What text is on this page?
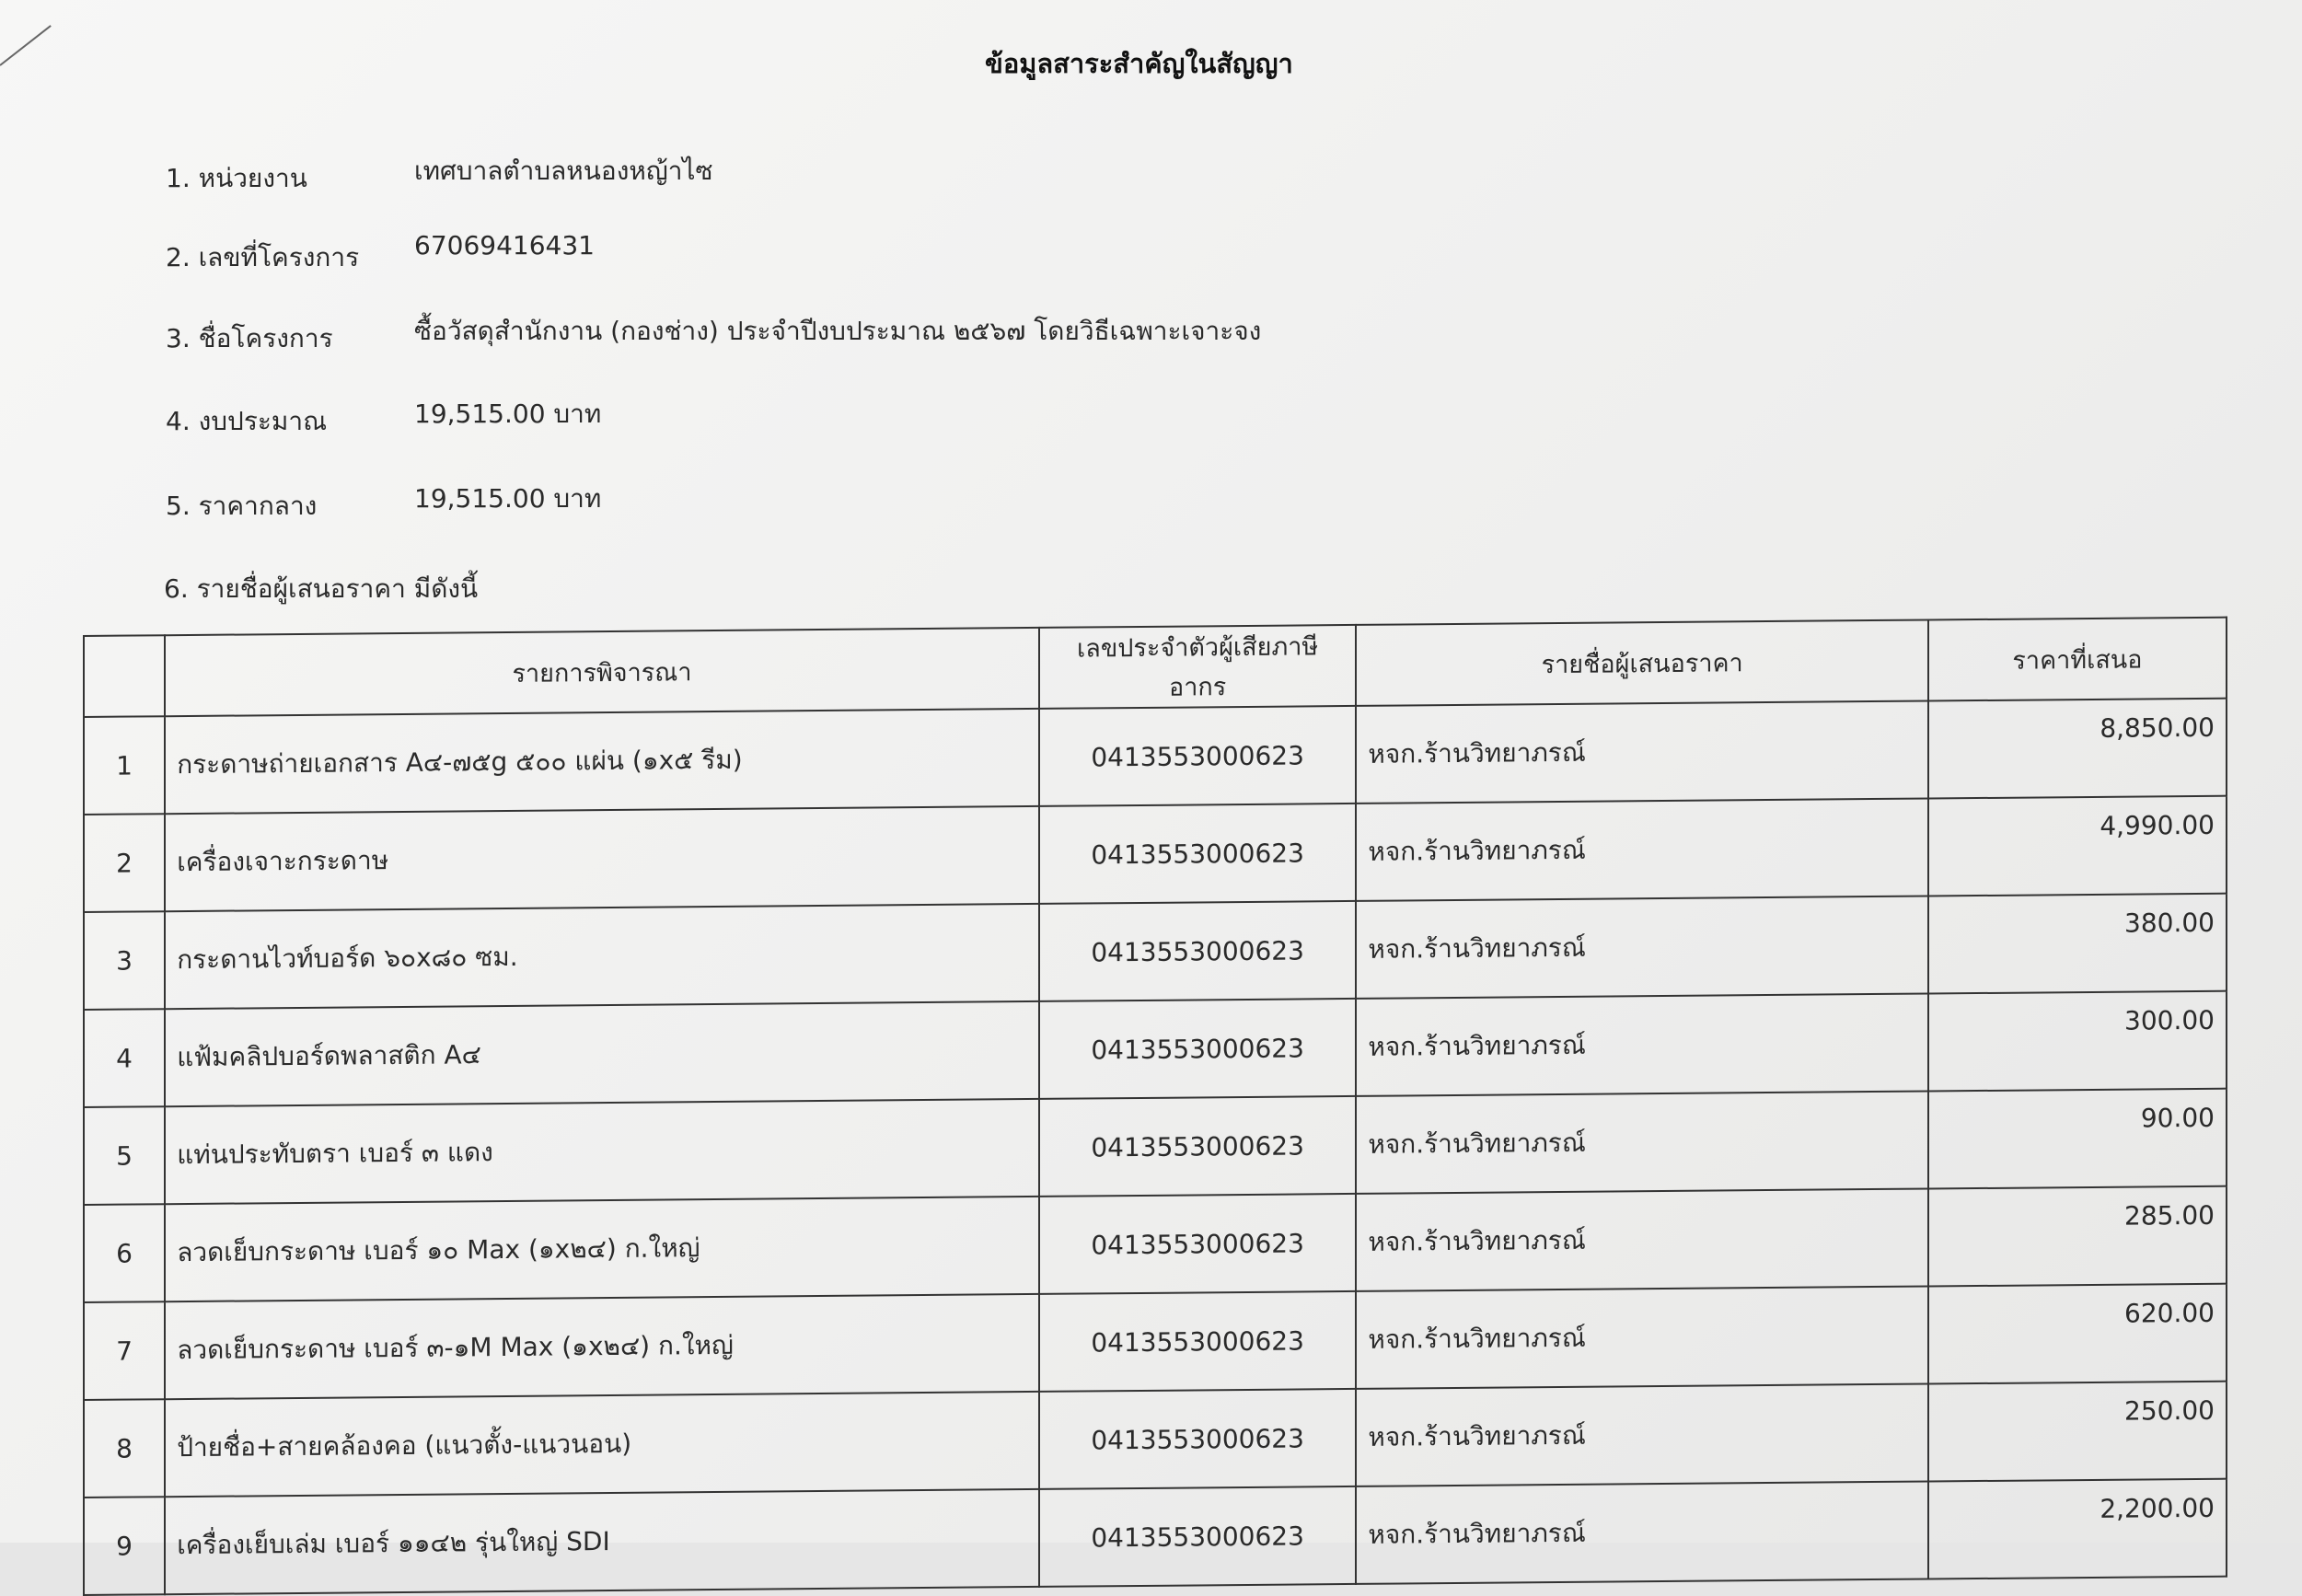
ข้อมูลสาระสำคัญในสัญญา
1. หน่วยงาน	เทศบาลตำบลหนองหญ้าไซ
2. เลขที่โครงการ 67069416431
3. ชื่อโครงการ	ซื้อวัสดุสำนักงาน (กองช่าง) ประจำปีงบประมาณ ๒๕๖๗ โดยวิธีเฉพาะเจาะจง
4. งบประมาณ	19,515.00 บาท
5. ราคากลาง	19,515.00 บาท
6. รายชื่อผู้เสนอราคา มีดังนี้
	รายการพิจารณา	เลขประจำตัวผู้เสียภาษีอากร	รายชื่อผู้เสนอราคา	ราคาที่เสนอ
1	กระดาษถ่ายเอกสาร A๔-๗๕g ๕๐๐ แผ่น (๑x๕ รีม)	0413553000623	หจก.ร้านวิทยาภรณ์	8,850.00
2	เครื่องเจาะกระดาษ	0413553000623	หจก.ร้านวิทยาภรณ์	4,990.00
3	กระดานไวท์บอร์ด ๖๐x๘๐ ซม.	0413553000623	หจก.ร้านวิทยาภรณ์	380.00
4	แฟ้มคลิปบอร์ดพลาสติก A๔	0413553000623	หจก.ร้านวิทยาภรณ์	300.00
5	แท่นประทับตรา เบอร์ ๓ แดง	0413553000623	หจก.ร้านวิทยาภรณ์	90.00
6	ลวดเย็บกระดาษ เบอร์ ๑๐ Max (๑x๒๔) ก.ใหญ่	0413553000623	หจก.ร้านวิทยาภรณ์	285.00
7	ลวดเย็บกระดาษ เบอร์ ๓-๑M Max (๑x๒๔) ก.ใหญ่	0413553000623	หจก.ร้านวิทยาภรณ์	620.00
8	ป้ายชื่อ+สายคล้องคอ (แนวตั้ง-แนวนอน)	0413553000623	หจก.ร้านวิทยาภรณ์	250.00
9	เครื่องเย็บเล่ม เบอร์ ๑๑๔๒ รุ่นใหญ่ SDI	0413553000623	หจก.ร้านวิทยาภรณ์	2,200.00
